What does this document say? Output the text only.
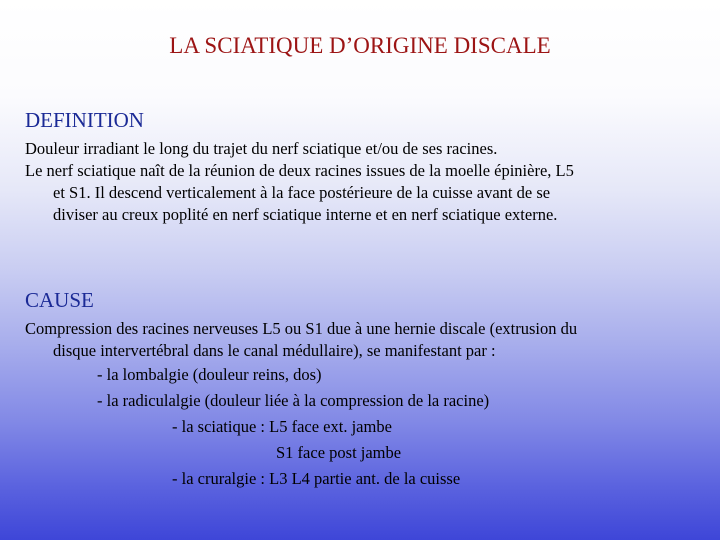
LA SCIATIQUE D’ORIGINE DISCALE
DEFINITION
Douleur irradiant le long du trajet du nerf sciatique et/ou de ses racines.
Le nerf sciatique naît de la réunion de deux racines issues de la moelle épinière, L5
et S1. Il descend verticalement à la face postérieure de la cuisse avant de se
diviser au creux poplité en nerf sciatique interne et en nerf sciatique externe.
CAUSE
Compression des racines nerveuses L5 ou S1 due à une hernie discale (extrusion du
disque intervertébral dans le canal médullaire), se manifestant par :
- la lombalgie (douleur reins, dos)
- la radiculalgie (douleur liée à la compression de la racine)
- la sciatique : L5 face ext. jambe
S1 face post jambe
- la cruralgie : L3 L4 partie ant. de la cuisse
